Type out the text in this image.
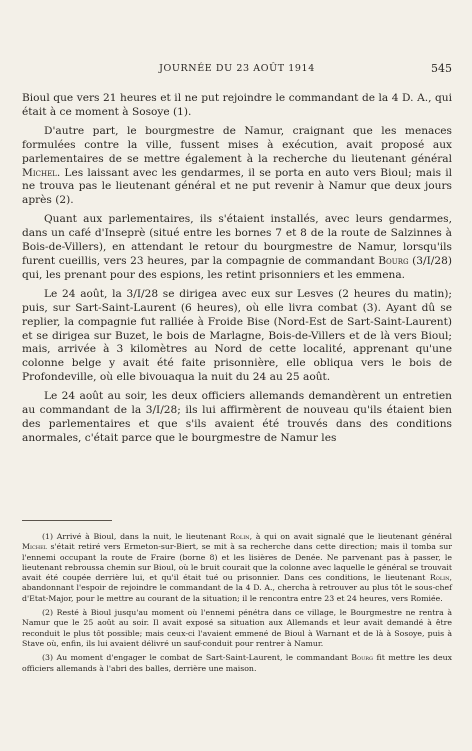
JOURNÉE DU 23 AOÛT 1914	545

Bioul que vers 21 heures et il ne put rejoindre le commandant de la 4 D. A., qui était à ce moment à Sosoye (1).

D'autre part, le bourgmestre de Namur, craignant que les menaces formulées contre la ville, fussent mises à exécution, avait proposé aux parlementaires de se mettre également à la recherche du lieutenant général Michel. Les laissant avec les gendarmes, il se porta en auto vers Bioul; mais il ne trouva pas le lieutenant général et ne put revenir à Namur que deux jours après (2).

Quant aux parlementaires, ils s'étaient installés, avec leurs gendarmes, dans un café d'Inseprè (situé entre les bornes 7 et 8 de la route de Salzinnes à Bois-de-Villers), en attendant le retour du bourgmestre de Namur, lorsqu'ils furent cueillis, vers 23 heures, par la compagnie de commandant Bourg (3/I/28) qui, les prenant pour des espions, les retint prisonniers et les emmena.

Le 24 août, la 3/I/28 se dirigea avec eux sur Lesves (2 heures du matin); puis, sur Sart-Saint-Laurent (6 heures), où elle livra combat (3). Ayant dû se replier, la compagnie fut ralliée à Froide Bise (Nord-Est de Sart-Saint-Laurent) et se dirigea sur Buzet, le bois de Marlagne, Bois-de-Villers et de là vers Bioul; mais, arrivée à 3 kilomètres au Nord de cette localité, apprenant qu'une colonne belge y avait été faite prisonnière, elle obliqua vers le bois de Profondeville, où elle bivouaqua la nuit du 24 au 25 août.

Le 24 août au soir, les deux officiers allemands demandèrent un entretien au commandant de la 3/I/28; ils lui affirmèrent de nouveau qu'ils étaient bien des parlementaires et que s'ils avaient été trouvés dans des conditions anormales, c'était parce que le bourgmestre de Namur les

(1) Arrivé à Bioul, dans la nuit, le lieutenant Rolin, à qui on avait signalé que le lieutenant général Michel s'était retiré vers Ermeton-sur-Biert, se mit à sa recherche dans cette direction; mais il tomba sur l'ennemi occupant la route de Fraire (borne 8) et les lisières de Denée. Ne parvenant pas à passer, le lieutenant rebroussa chemin sur Bioul, où le bruit courait que la colonne avec laquelle le général se trouvait avait été coupée derrière lui, et qu'il était tué ou prisonnier. Dans ces conditions, le lieutenant Rolin, abandonnant l'espoir de rejoindre le commandant de la 4 D. A., chercha à retrouver au plus tôt le sous-chef d'Etat-Major, pour le mettre au courant de la situation; il le rencontra entre 23 et 24 heures, vers Romiée.

(2) Resté à Bioul jusqu'au moment où l'ennemi pénétra dans ce village, le Bourgmestre ne rentra à Namur que le 25 août au soir. Il avait exposé sa situation aux Allemands et leur avait demandé à être reconduit le plus tôt possible; mais ceux-ci l'avaient emmené de Bioul à Warnant et de là à Sosoye, puis à Stave où, enfin, ils lui avaient délivré un sauf-conduit pour rentrer à Namur.

(3) Au moment d'engager le combat de Sart-Saint-Laurent, le commandant Bourg fit mettre les deux officiers allemands à l'abri des balles, derrière une maison.
